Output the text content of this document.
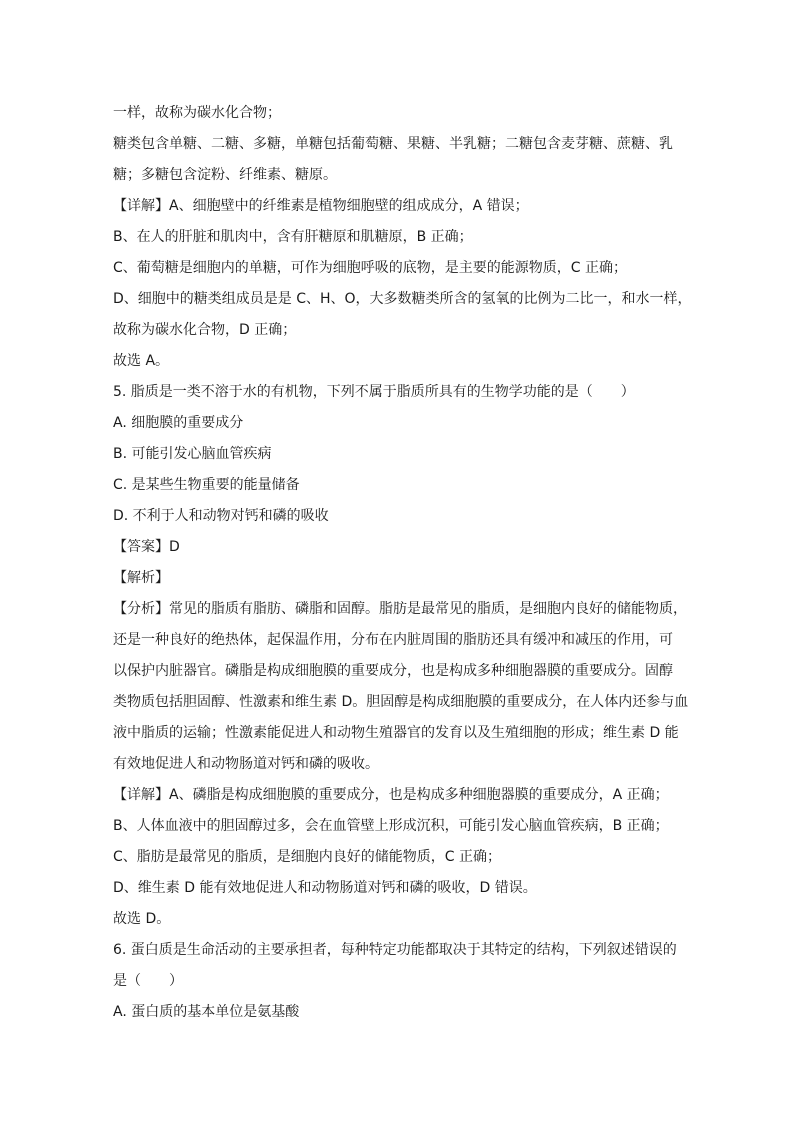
一样，故称为碳水化合物；

糖类包含单糖、二糖、多糖，单糖包括葡萄糖、果糖、半乳糖；二糖包含麦芽糖、蔗糖、乳

糖；多糖包含淀粉、纤维素、糖原。

【详解】A、细胞壁中的纤维素是植物细胞壁的组成成分，A 错误；

B、在人的肝脏和肌肉中，含有肝糖原和肌糖原，B 正确；

C、葡萄糖是细胞内的单糖，可作为细胞呼吸的底物，是主要的能源物质，C 正确；

D、细胞中的糖类组成员是是 C、H、O，大多数糖类所含的氢氧的比例为二比一，和水一样，

故称为碳水化合物，D 正确；

故选 A。

5. 脂质是一类不溶于水的有机物，下列不属于脂质所具有的生物学功能的是（　　）

A. 细胞膜的重要成分

B. 可能引发心脑血管疾病

C. 是某些生物重要的能量储备

D. 不利于人和动物对钙和磷的吸收

【答案】D

【解析】

【分析】常见的脂质有脂肪、磷脂和固醇。脂肪是最常见的脂质，是细胞内良好的储能物质，

还是一种良好的绝热体，起保温作用，分布在内脏周围的脂肪还具有缓冲和减压的作用，可

以保护内脏器官。磷脂是构成细胞膜的重要成分，也是构成多种细胞器膜的重要成分。固醇

类物质包括胆固醇、性激素和维生素 D。胆固醇是构成细胞膜的重要成分，在人体内还参与血

液中脂质的运输；性激素能促进人和动物生殖器官的发育以及生殖细胞的形成；维生素 D 能

有效地促进人和动物肠道对钙和磷的吸收。

【详解】A、磷脂是构成细胞膜的重要成分，也是构成多种细胞器膜的重要成分，A 正确；

B、人体血液中的胆固醇过多，会在血管壁上形成沉积，可能引发心脑血管疾病，B 正确；

C、脂肪是最常见的脂质，是细胞内良好的储能物质，C 正确；

D、维生素 D 能有效地促进人和动物肠道对钙和磷的吸收，D 错误。

故选 D。

6. 蛋白质是生命活动的主要承担者，每种特定功能都取决于其特定的结构，下列叙述错误的

是（　　）

A. 蛋白质的基本单位是氨基酸
